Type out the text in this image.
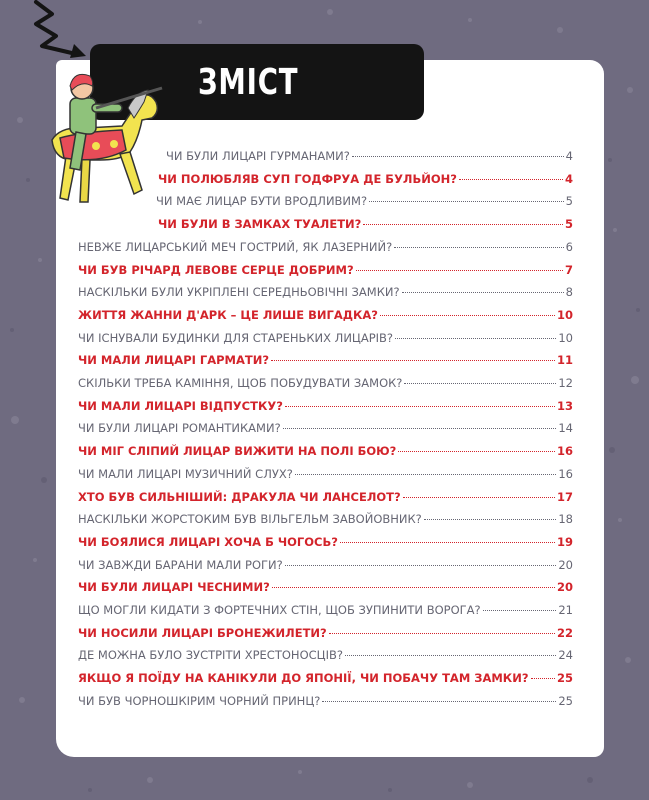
ЗМІСТ
ЧИ БУЛИ ЛИЦАРІ ГУРМАНАМИ?	4
ЧИ ПОЛЮБЛЯВ СУП ГОДФРУА ДЕ БУЛЬЙОН?	4
ЧИ МАЄ ЛИЦАР БУТИ ВРОДЛИВИМ?	5
ЧИ БУЛИ В ЗАМКАХ ТУАЛЕТИ?	5
НЕВЖЕ ЛИЦАРСЬКИЙ МЕЧ ГОСТРИЙ, ЯК ЛАЗЕРНИЙ?	6
ЧИ БУВ РІЧАРД ЛЕВОВЕ СЕРЦЕ ДОБРИМ?	7
НАСКІЛЬКИ БУЛИ УКРІПЛЕНІ СЕРЕДНЬОВІЧНІ ЗАМКИ?	8
ЖИТТЯ ЖАННИ Д'АРК – ЦЕ ЛИШЕ ВИГАДКА?	10
ЧИ ІСНУВАЛИ БУДИНКИ ДЛЯ СТАРЕНЬКИХ ЛИЦАРІВ?	10
ЧИ МАЛИ ЛИЦАРІ ГАРМАТИ?	11
СКІЛЬКИ ТРЕБА КАМІННЯ, ЩОБ ПОБУДУВАТИ ЗАМОК?	12
ЧИ МАЛИ ЛИЦАРІ ВІДПУСТКУ?	13
ЧИ БУЛИ ЛИЦАРІ РОМАНТИКАМИ?	14
ЧИ МІГ СЛІПИЙ ЛИЦАР ВИЖИТИ НА ПОЛІ БОЮ?	16
ЧИ МАЛИ ЛИЦАРІ МУЗИЧНИЙ СЛУХ?	16
ХТО БУВ СИЛЬНІШИЙ: ДРАКУЛА ЧИ ЛАНСЕЛОТ?	17
НАСКІЛЬКИ ЖОРСТОКИМ БУВ ВІЛЬГЕЛЬМ ЗАВОЙОВНИК?	18
ЧИ БОЯЛИСЯ ЛИЦАРІ ХОЧА Б ЧОГОСЬ?	19
ЧИ ЗАВЖДИ БАРАНИ МАЛИ РОГИ?	20
ЧИ БУЛИ ЛИЦАРІ ЧЕСНИМИ?	20
ЩО МОГЛИ КИДАТИ З ФОРТЕЧНИХ СТІН, ЩОБ ЗУПИНИТИ ВОРОГА?	21
ЧИ НОСИЛИ ЛИЦАРІ БРОНЕЖИЛЕТИ?	22
ДЕ МОЖНА БУЛО ЗУСТРІТИ ХРЕСТОНОСЦІВ?	24
ЯКЩО Я ПОЇДУ НА КАНІКУЛИ ДО ЯПОНІЇ, ЧИ ПОБАЧУ ТАМ ЗАМКИ? 25
ЧИ БУВ ЧОРНОШКІРИМ ЧОРНИЙ ПРИНЦ?	25
